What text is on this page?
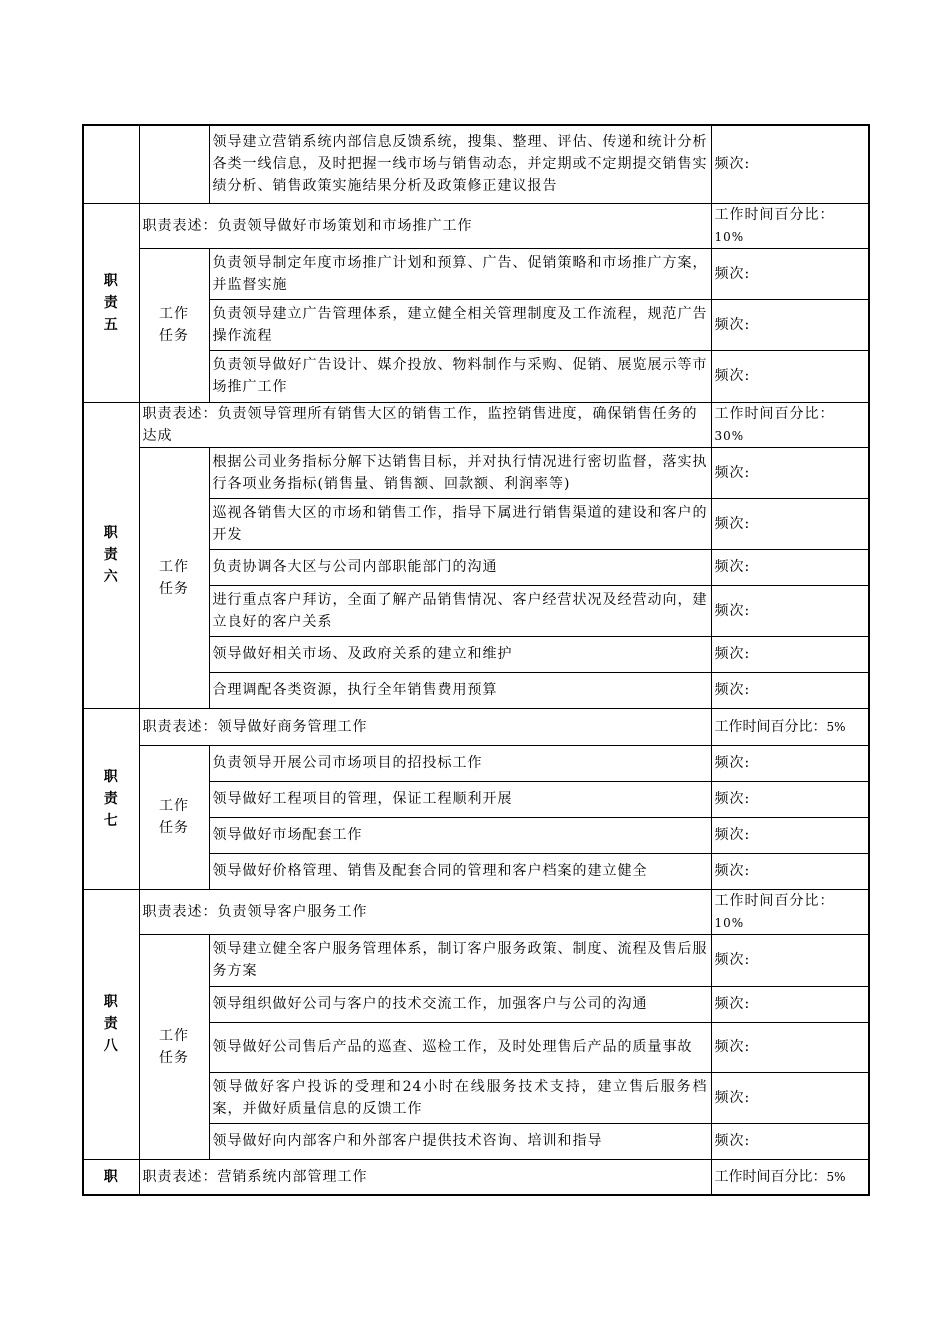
		领导建立营销系统内部信息反馈系统，搜集、整理、评估、传递和统计分析各类一线信息，及时把握一线市场与销售动态，并定期或不定期提交销售实绩分析、销售政策实施结果分析及政策修正建议报告	频次:
职
责
五	职责表述：负责领导做好市场策划和市场推广工作		工作时间百分比：
10%
	工作
任务	负责领导制定年度市场推广计划和预算、广告、促销策略和市场推广方案，并监督实施	频次:
		负责领导建立广告管理体系，建立健全相关管理制度及工作流程，规范广告操作流程	频次:
		负责领导做好广告设计、媒介投放、物料制作与采购、促销、展览展示等市场推广工作	频次:
职
责
六	职责表述：负责领导管理所有销售大区的销售工作，监控销售进度，确保销售任务的达成		工作时间百分比：
30%
	工作
任务	根据公司业务指标分解下达销售目标，并对执行情况进行密切监督，落实执行各项业务指标(销售量、销售额、回款额、利润率等)	频次:
		巡视各销售大区的市场和销售工作，指导下属进行销售渠道的建设和客户的开发	频次:
		负责协调各大区与公司内部职能部门的沟通	频次:
		进行重点客户拜访，全面了解产品销售情况、客户经营状况及经营动向，建立良好的客户关系	频次:
		领导做好相关市场、及政府关系的建立和维护	频次:
		合理调配各类资源，执行全年销售费用预算	频次:
职
责
七	职责表述：领导做好商务管理工作		工作时间百分比：5%
	工作
任务	负责领导开展公司市场项目的招投标工作	频次:
		领导做好工程项目的管理，保证工程顺利开展	频次:
		领导做好市场配套工作	频次:
		领导做好价格管理、销售及配套合同的管理和客户档案的建立健全	频次:
职
责
八	职责表述：负责领导客户服务工作		工作时间百分比：
10%
	工作
任务	领导建立健全客户服务管理体系，制订客户服务政策、制度、流程及售后服务方案	频次:
		领导组织做好公司与客户的技术交流工作，加强客户与公司的沟通	频次:
		领导做好公司售后产品的巡查、巡检工作，及时处理售后产品的质量事故	频次:
		领导做好客户投诉的受理和24小时在线服务技术支持，建立售后服务档案，并做好质量信息的反馈工作	频次:
		领导做好向内部客户和外部客户提供技术咨询、培训和指导	频次:
职	职责表述：营销系统内部管理工作		工作时间百分比：5%
